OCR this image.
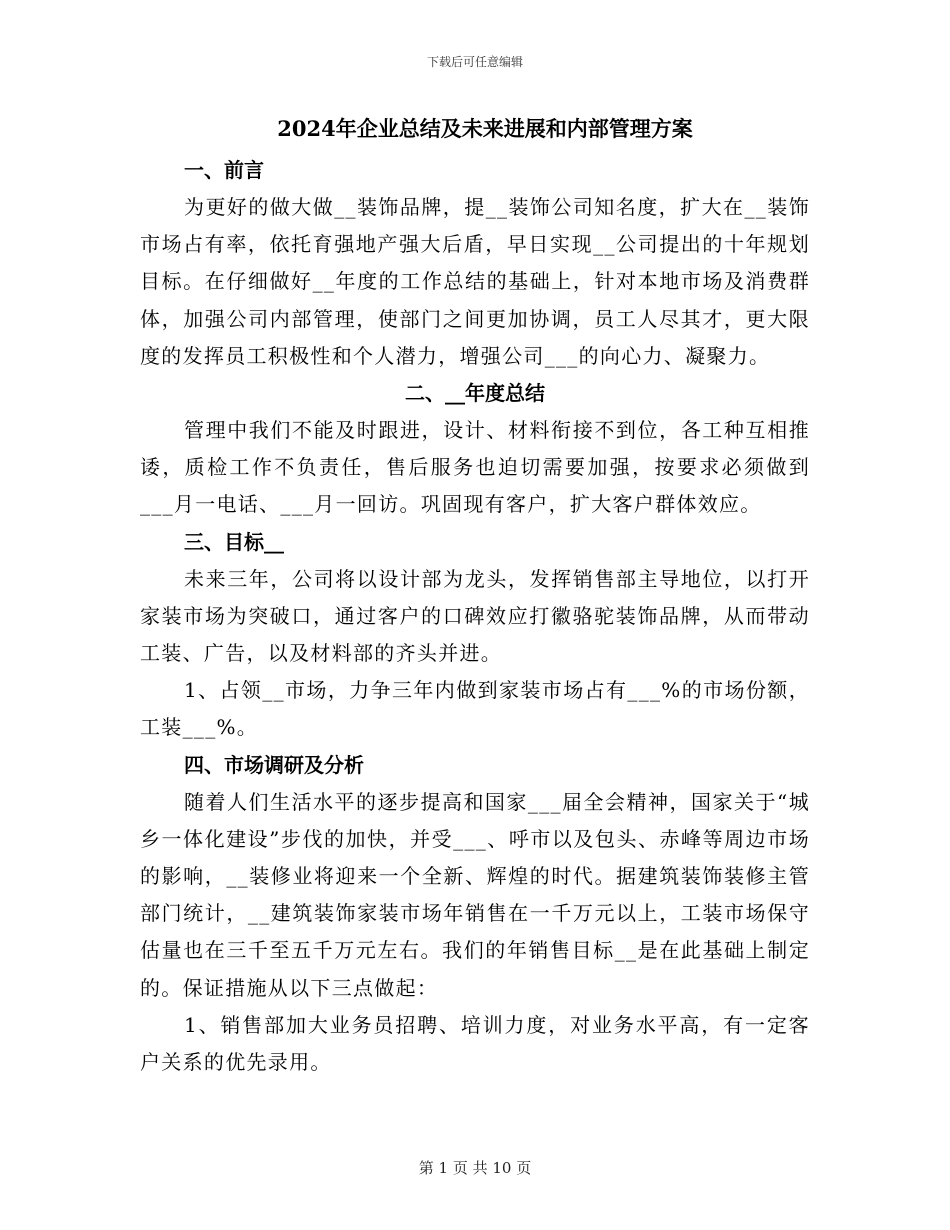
下载后可任意编辑
2024年企业总结及未来进展和内部管理方案
一、前言

为更好的做大做__装饰品牌，提__装饰公司知名度，扩大在__装饰市场占有率，依托育强地产强大后盾，早日实现__公司提出的十年规划目标。在仔细做好__年度的工作总结的基础上，针对本地市场及消费群体，加强公司内部管理，使部门之间更加协调，员工人尽其才，更大限度的发挥员工积极性和个人潜力，增强公司___的向心力、凝聚力。

二、__年度总结

管理中我们不能及时跟进，设计、材料衔接不到位，各工种互相推诿，质检工作不负责任，售后服务也迫切需要加强，按要求必须做到___月一电话、___月一回访。巩固现有客户，扩大客户群体效应。

三、目标__

未来三年，公司将以设计部为龙头，发挥销售部主导地位，以打开家装市场为突破口，通过客户的口碑效应打徽骆驼装饰品牌，从而带动工装、广告，以及材料部的齐头并进。

1、占领__市场，力争三年内做到家装市场占有___%的市场份额，工装___%。

四、市场调研及分析

随着人们生活水平的逐步提高和国家___届全会精神，国家关于“城乡一体化建设”步伐的加快，并受___、呼市以及包头、赤峰等周边市场的影响，__装修业将迎来一个全新、辉煌的时代。据建筑装饰装修主管部门统计，__建筑装饰家装市场年销售在一千万元以上，工装市场保守估量也在三千至五千万元左右。我们的年销售目标__是在此基础上制定的。保证措施从以下三点做起：

1、销售部加大业务员招聘、培训力度，对业务水平高，有一定客户关系的优先录用。

第 1 页 共 10 页
